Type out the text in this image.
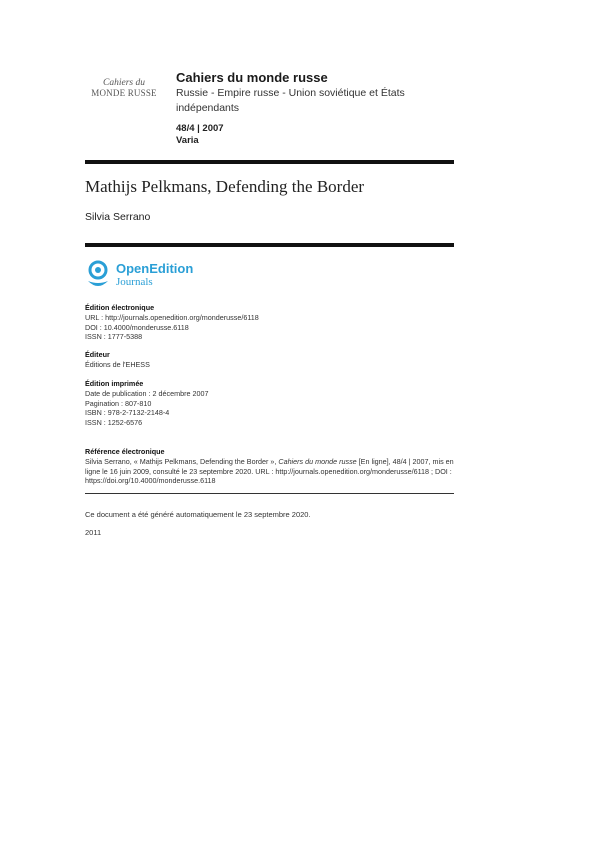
Cahiers du
MONDE RUSSE
Cahiers du monde russe
Russie - Empire russe - Union soviétique et États indépendants
48/4 | 2007
Varia
Mathijs Pelkmans, Defending the Border
Silvia Serrano
OpenEdition
Journals
Édition électronique
URL : http://journals.openedition.org/monderusse/6118
DOI : 10.4000/monderusse.6118
ISSN : 1777-5388
Éditeur
Éditions de l'EHESS
Édition imprimée
Date de publication : 2 décembre 2007
Pagination : 807-810
ISBN : 978-2-7132-2148-4
ISSN : 1252-6576
Référence électronique
Silvia Serrano, « Mathijs Pelkmans, Defending the Border », Cahiers du monde russe [En ligne], 48/4 | 2007, mis en ligne le 16 juin 2009, consulté le 23 septembre 2020. URL : http://journals.openedition.org/monderusse/6118 ; DOI : https://doi.org/10.4000/monderusse.6118
Ce document a été généré automatiquement le 23 septembre 2020.
2011
